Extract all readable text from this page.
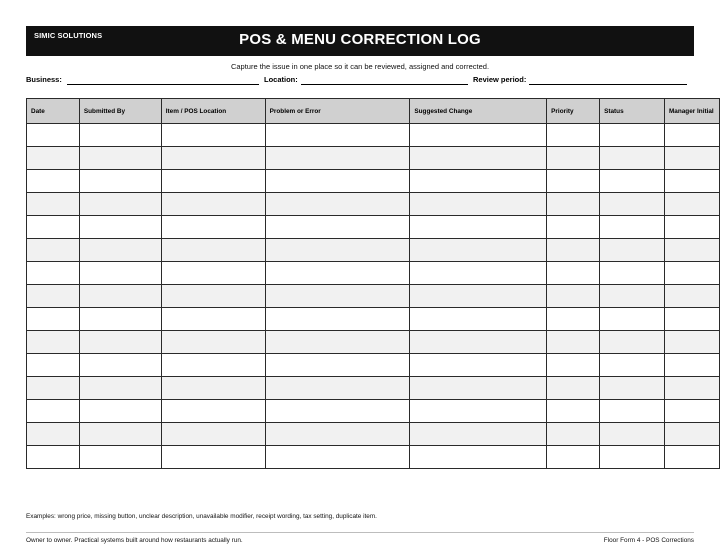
SIMIC SOLUTIONS	POS & MENU CORRECTION LOG
Capture the issue in one place so it can be reviewed, assigned and corrected.
Business:	Location:	Review period:
Date	Submitted By	Item / POS Location	Problem or Error	Suggested Change	Priority	Status	Manager Initial

Examples: wrong price, missing button, unclear description, unavailable modifier, receipt wording, tax setting, duplicate item.
Owner to owner. Practical systems built around how restaurants actually run.	Floor Form 4 - POS Corrections
